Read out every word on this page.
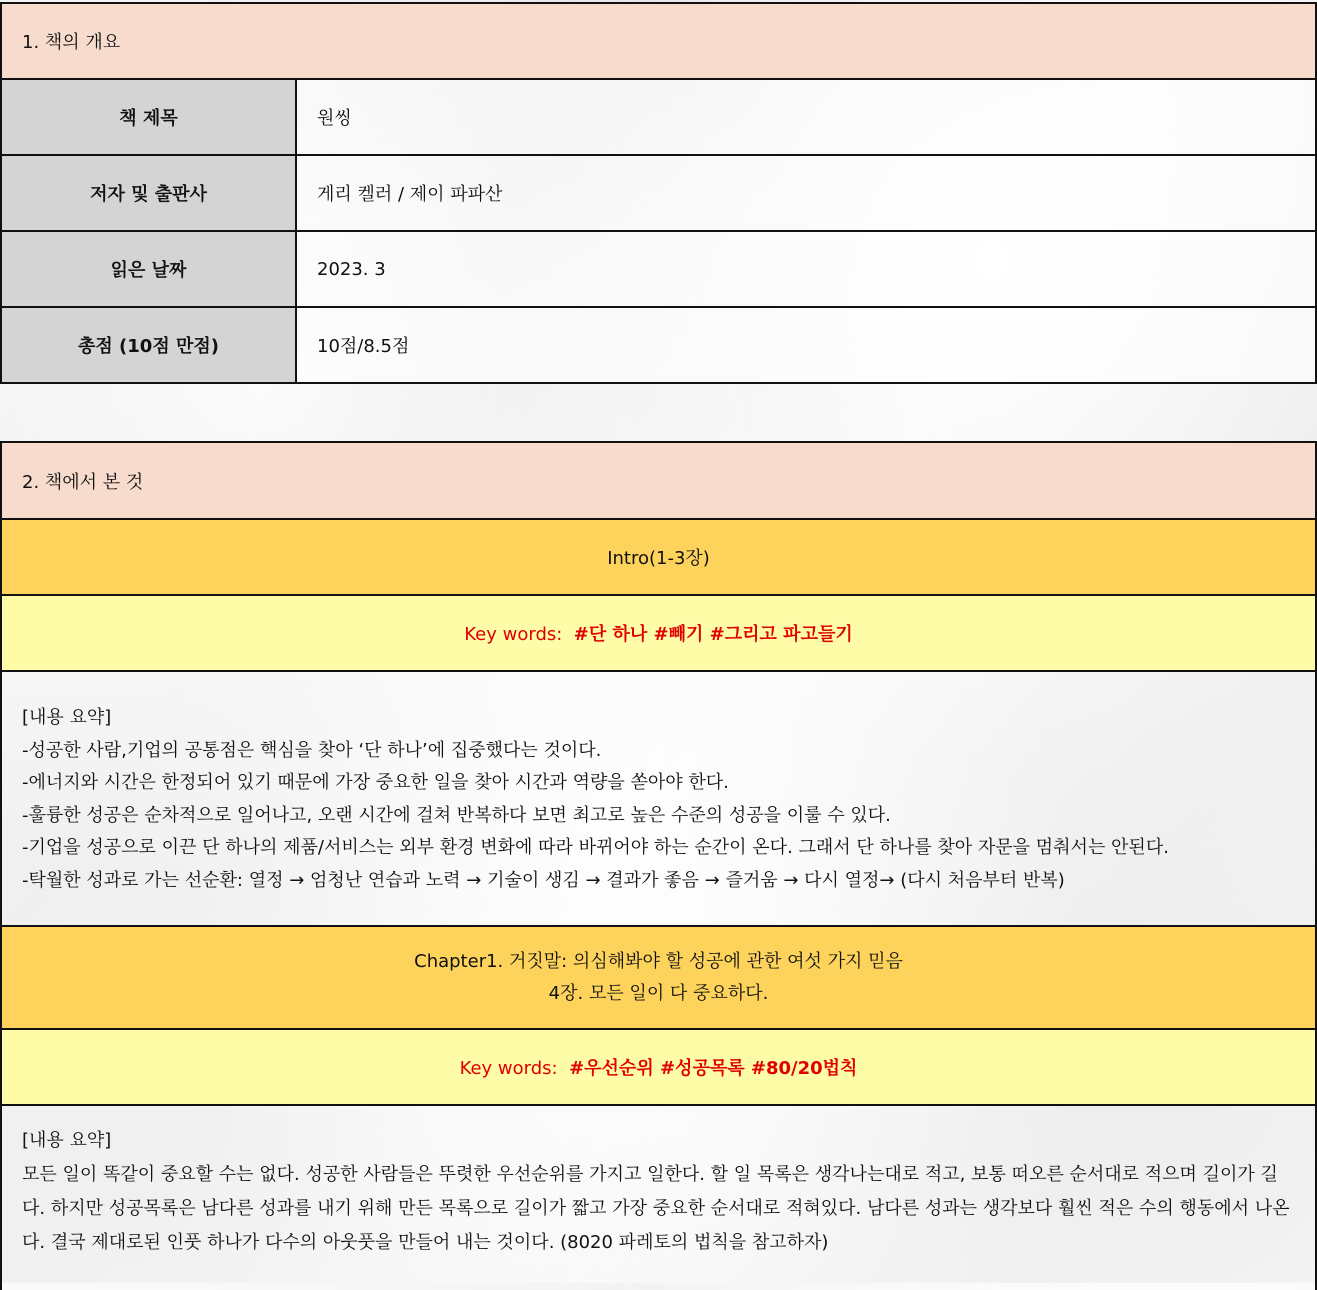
1. 책의 개요	
책 제목	원씽
저자 및 출판사	게리 켈러 / 제이 파파산
읽은 날짜	2023. 3
총점 (10점 만점)	10점/8.5점
2. 책에서 본 것
Intro(1-3장)
Key words: #단 하나 #빼기 #그리고 파고들기

[내용 요약]
-성공한 사람,기업의 공통점은 핵심을 찾아 ‘단 하나’에 집중했다는 것이다.
-에너지와 시간은 한정되어 있기 때문에 가장 중요한 일을 찾아 시간과 역량을 쏟아야 한다.
-훌륭한 성공은 순차적으로 일어나고, 오랜 시간에 걸쳐 반복하다 보면 최고로 높은 수준의 성공을 이룰 수 있다.
-기업을 성공으로 이끈 단 하나의 제품/서비스는 외부 환경 변화에 따라 바뀌어야 하는 순간이 온다. 그래서 단 하나를 찾아 자문을 멈춰서는 안된다.
-탁월한 성과로 가는 선순환: 열정 → 엄청난 연습과 노력 → 기술이 생김 → 결과가 좋음 → 즐거움 → 다시 열정→ (다시 처음부터 반복)

Chapter1. 거짓말: 의심해봐야 할 성공에 관한 여섯 가지 믿음
4장. 모든 일이 다 중요하다.

Key words: #우선순위 #성공목록 #80/20법칙

[내용 요약]
모든 일이 똑같이 중요할 수는 없다. 성공한 사람들은 뚜렷한 우선순위를 가지고 일한다. 할 일 목록은 생각나는대로 적고, 보통 떠오른 순서대로 적으며 길이가 길다. 하지만 성공목록은 남다른 성과를 내기 위해 만든 목록으로 길이가 짧고 가장 중요한 순서대로 적혀있다. 남다른 성과는 생각보다 훨씬 적은 수의 행동에서 나온다. 결국 제대로된 인풋 하나가 다수의 아웃풋을 만들어 내는 것이다. (8020 파레토의 법칙을 참고하자)
